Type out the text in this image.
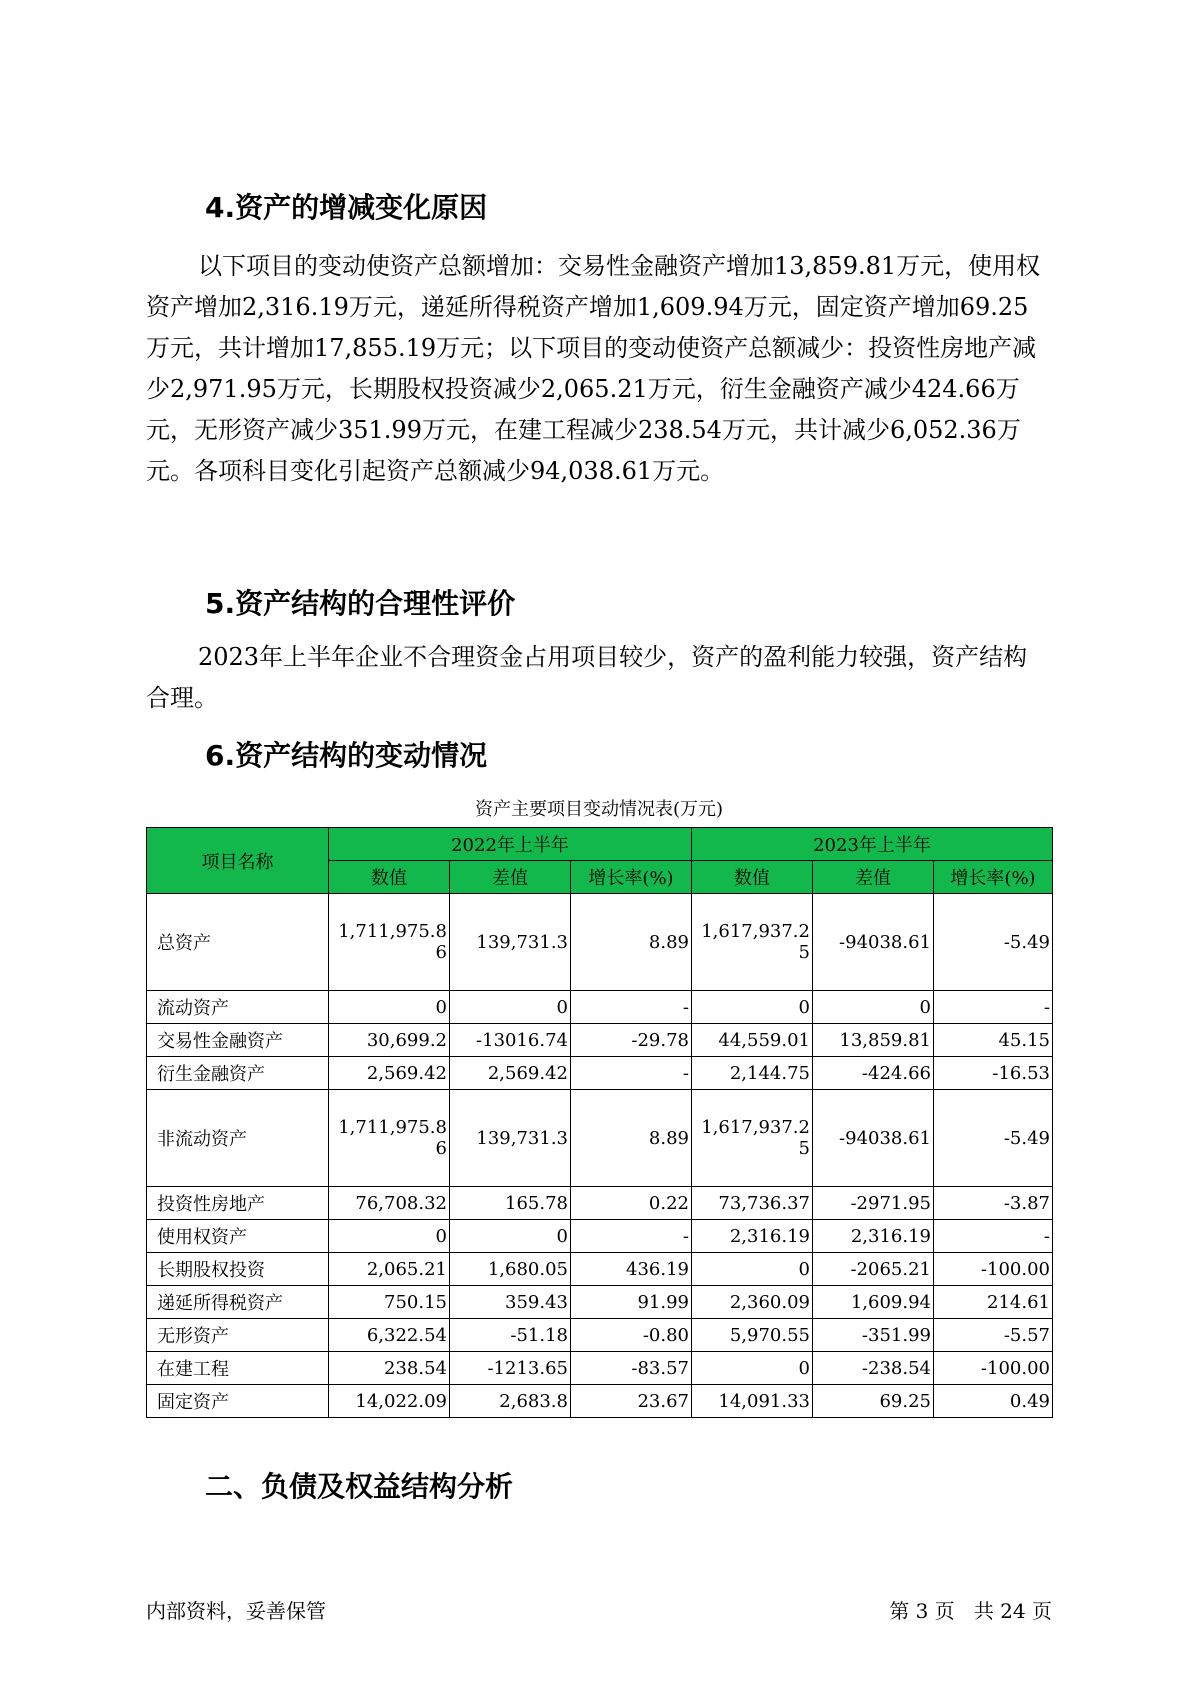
4.资产的增减变化原因

以下项目的变动使资产总额增加：交易性金融资产增加13,859.81万元，使用权资产增加2,316.19万元，递延所得税资产增加1,609.94万元，固定资产增加69.25万元，共计增加17,855.19万元；以下项目的变动使资产总额减少：投资性房地产减少2,971.95万元，长期股权投资减少2,065.21万元，衍生金融资产减少424.66万元，无形资产减少351.99万元，在建工程减少238.54万元，共计减少6,052.36万元。各项科目变化引起资产总额减少94,038.61万元。

5.资产结构的合理性评价

2023年上半年企业不合理资金占用项目较少，资产的盈利能力较强，资产结构合理。

6.资产结构的变动情况
资产主要项目变动情况表(万元)
项目名称	2022年上半年			2023年上半年		
	数值	差值	增长率(%)	数值	差值	增长率(%)
总资产	1,711,975.86	139,731.3	8.89	1,617,937.25	-94038.61	-5.49
流动资产	0	0	-	0	0	-
交易性金融资产	30,699.2	-13016.74	-29.78	44,559.01	13,859.81	45.15
衍生金融资产	2,569.42	2,569.42	-	2,144.75	-424.66	-16.53
非流动资产	1,711,975.86	139,731.3	8.89	1,617,937.25	-94038.61	-5.49
投资性房地产	76,708.32	165.78	0.22	73,736.37	-2971.95	-3.87
使用权资产	0	0	-	2,316.19	2,316.19	-
长期股权投资	2,065.21	1,680.05	436.19	0	-2065.21	-100.00
递延所得税资产	750.15	359.43	91.99	2,360.09	1,609.94	214.61
无形资产	6,322.54	-51.18	-0.80	5,970.55	-351.99	-5.57
在建工程	238.54	-1213.65	-83.57	0	-238.54	-100.00
固定资产	14,022.09	2,683.8	23.67	14,091.33	69.25	0.49
二、负债及权益结构分析
内部资料，妥善保管	第 3 页   共 24 页
